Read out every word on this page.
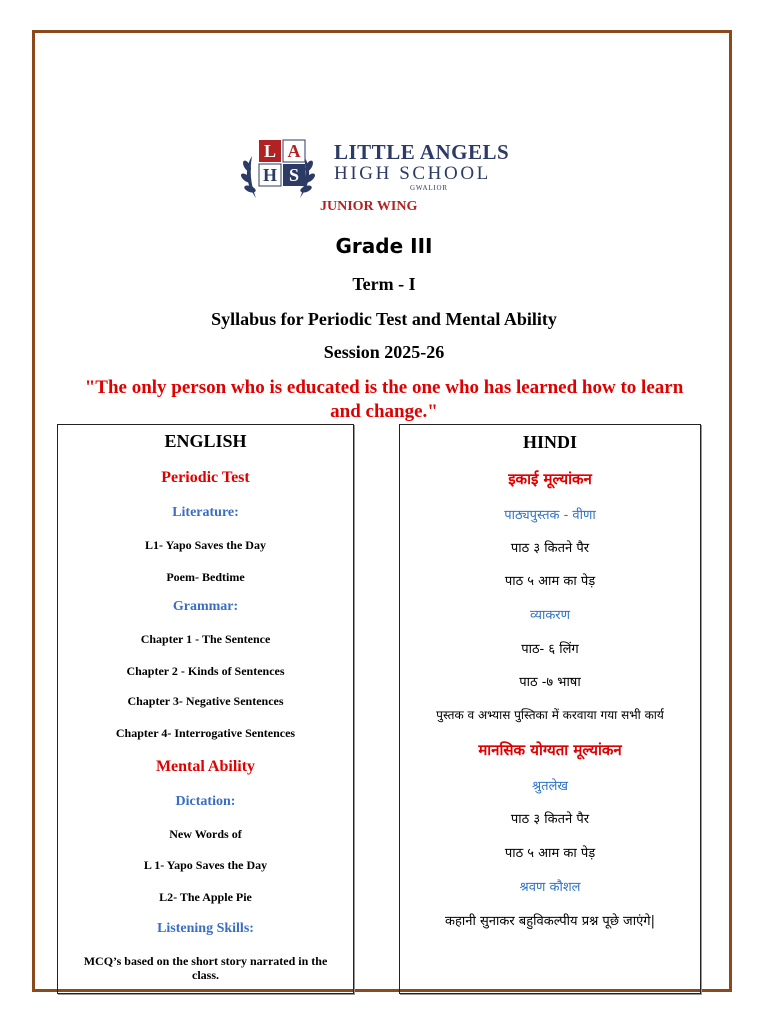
L A
H S
LITTLE ANGELS
HIGH SCHOOL
GWALIOR
JUNIOR WING
Grade III
Term - I
Syllabus for Periodic Test and Mental Ability
Session 2025-26
"The only person who is educated is the one who has learned how to learn and change."
ENGLISH
Periodic Test
Literature:
L1- Yapo Saves the Day
Poem- Bedtime
Grammar:
Chapter 1 - The Sentence
Chapter 2 - Kinds of Sentences
Chapter 3- Negative Sentences
Chapter 4- Interrogative Sentences
Mental Ability
Dictation:
New Words of
L 1- Yapo Saves the Day
L2- The Apple Pie
Listening Skills:
MCQ’s based on the short story narrated in the class.
HINDI
इकाई मूल्यांकन
पाठ्यपुस्तक - वीणा
पाठ ३ कितने पैर
पाठ ५ आम का पेड़
व्याकरण
पाठ- ६ लिंग
पाठ -७ भाषा
पुस्तक व अभ्यास पुस्तिका में करवाया गया सभी कार्य
मानसिक योग्यता मूल्यांकन
श्रुतलेख
पाठ ३ कितने पैर
पाठ ५ आम का पेड़
श्रवण कौशल
कहानी सुनाकर बहुविकल्पीय प्रश्न पूछे जाएंगे|
